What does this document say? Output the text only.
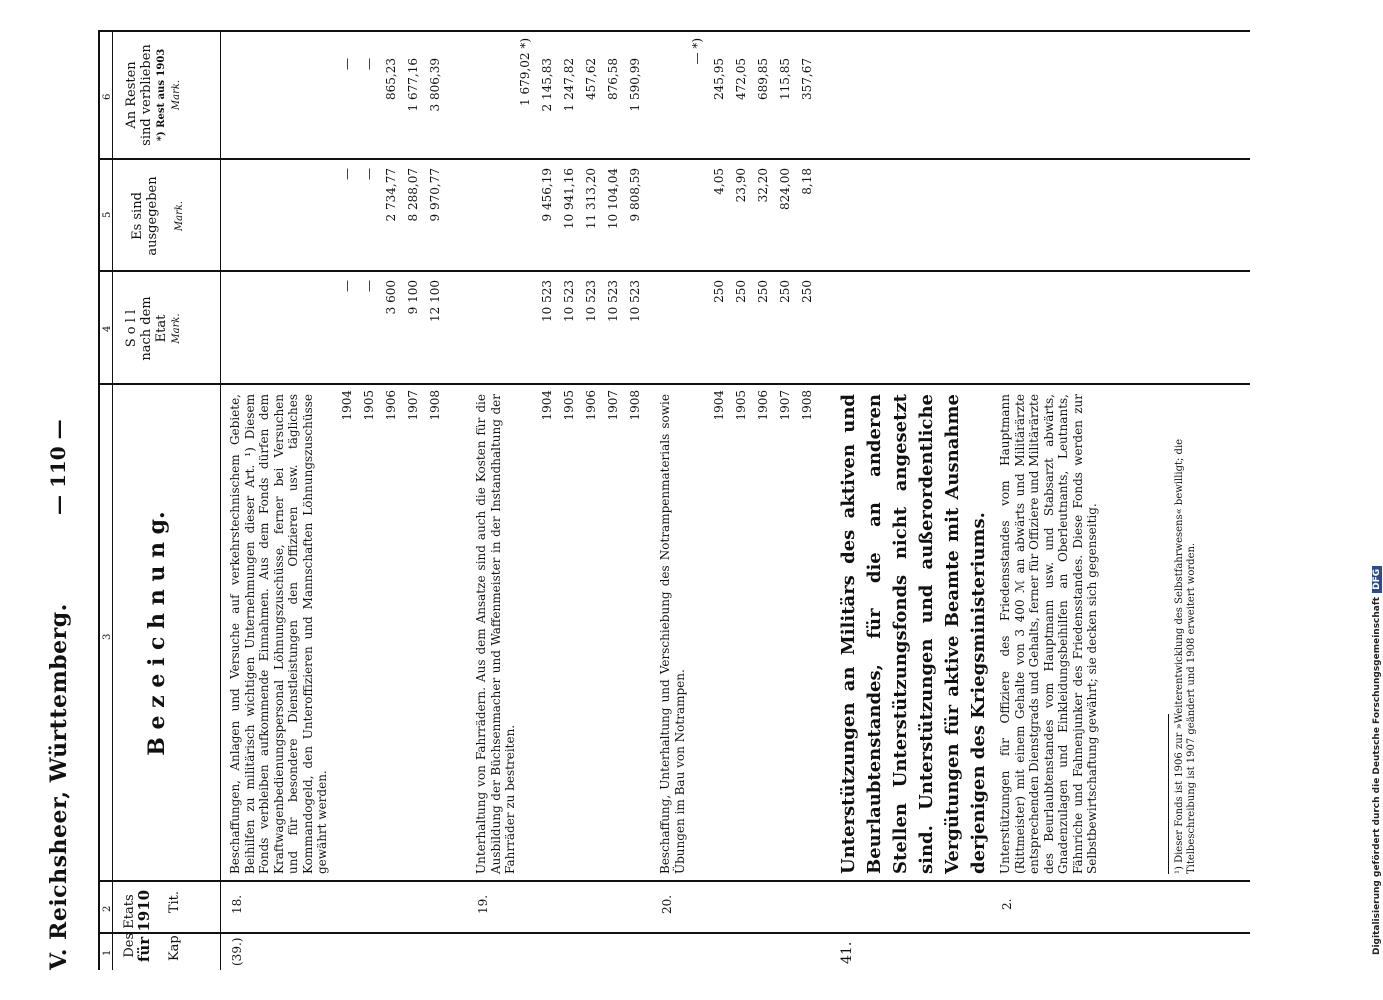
V. Reichsheer, Württemberg.
— 110 —
1
2
3
4
5
6
Des Etats
für 1910 Kap.
Tit.
B e z e i c h n u n g.
S o l l nach dem Etat Mark.
Es sind ausgegeben Mark.
An Resten sind verblieben *) Rest aus 1903 Mark.
(39.)
18.
Beschaffungen, Anlagen und Versuche auf verkehrstechnischem Gebiete, Beihilfen zu militärisch wichtigen Unternehmungen dieser Art. ¹) Diesem Fonds verbleiben aufkommende Einnahmen. Aus dem Fonds dürfen dem Kraftwagenbedienungspersonal Löhnungszuschüsse, ferner bei Versuchen und für besondere Dienstleistungen den Offizieren usw. tägliches Kommandogeld, den Unteroffizieren und Mannschaften Löhnungszuschüsse gewährt werden.
1904 1905 1906 1907 1908
— — 3 600 9 100 12 100
— — 2 734,77 8 288,07 9 970,77
— — 865,23 1 677,16 3 806,39
19.
Unterhaltung von Fahrrädern. Aus dem Ansatze sind auch die Kosten für die Ausbildung der Büchsenmacher und Waffenmeister in der Instandhaltung der Fahrräder zu bestreiten.
1904 1905 1906 1907 1908
10 523 10 523 10 523 10 523 10 523
9 456,19 10 941,16 11 313,20 10 104,04 9 808,59
1 679,02 *) 2 145,83 1 247,82 457,62 876,58 1 590,99
20.
Beschaffung, Unterhaltung und Verschiebung des Notrampenmaterials sowie Übungen im Bau von Notrampen.
1904 1905 1906 1907 1908
250 250 250 250 250
4,05 23,90 32,20 824,00 8,18
— *)
245,95 472,05 689,85 115,85 357,67
41.
Unterstützungen an Militärs des aktiven und Beurlaubtenstandes, für die an anderen Stellen Unterstützungsfonds nicht angesetzt sind. Unterstützungen und außerordentliche Vergütungen für aktive Beamte mit Ausnahme derjenigen des Kriegsministeriums.
2.
Unterstützungen für Offiziere des Friedensstandes vom Hauptmann (Rittmeister) mit einem Gehalte von 3 400 ℳ an abwärts und Militärärzte entsprechenden Dienstgrads und Gehalts, ferner für Offiziere und Militärärzte des Beurlaubtenstandes vom Hauptmann usw. und Stabsarzt abwärts, Gnadenzulagen und Einkleidungsbeihilfen an Oberleutnants, Leutnants, Fähnriche und Fahnenjunker des Friedensstandes. Diese Fonds werden zur Selbstbewirtschaftung gewährt; sie decken sich gegenseitig.	¹) Dieser Fonds ist 1906 zur »Weiterentwicklung des Selbstfahrwesens« bewilligt; die Titelbeschreibung ist 1907 geändert und 1908 erweitert worden.	Digitalisierung gefördert durch die Deutsche ForschungsgemeinschaftDFG
